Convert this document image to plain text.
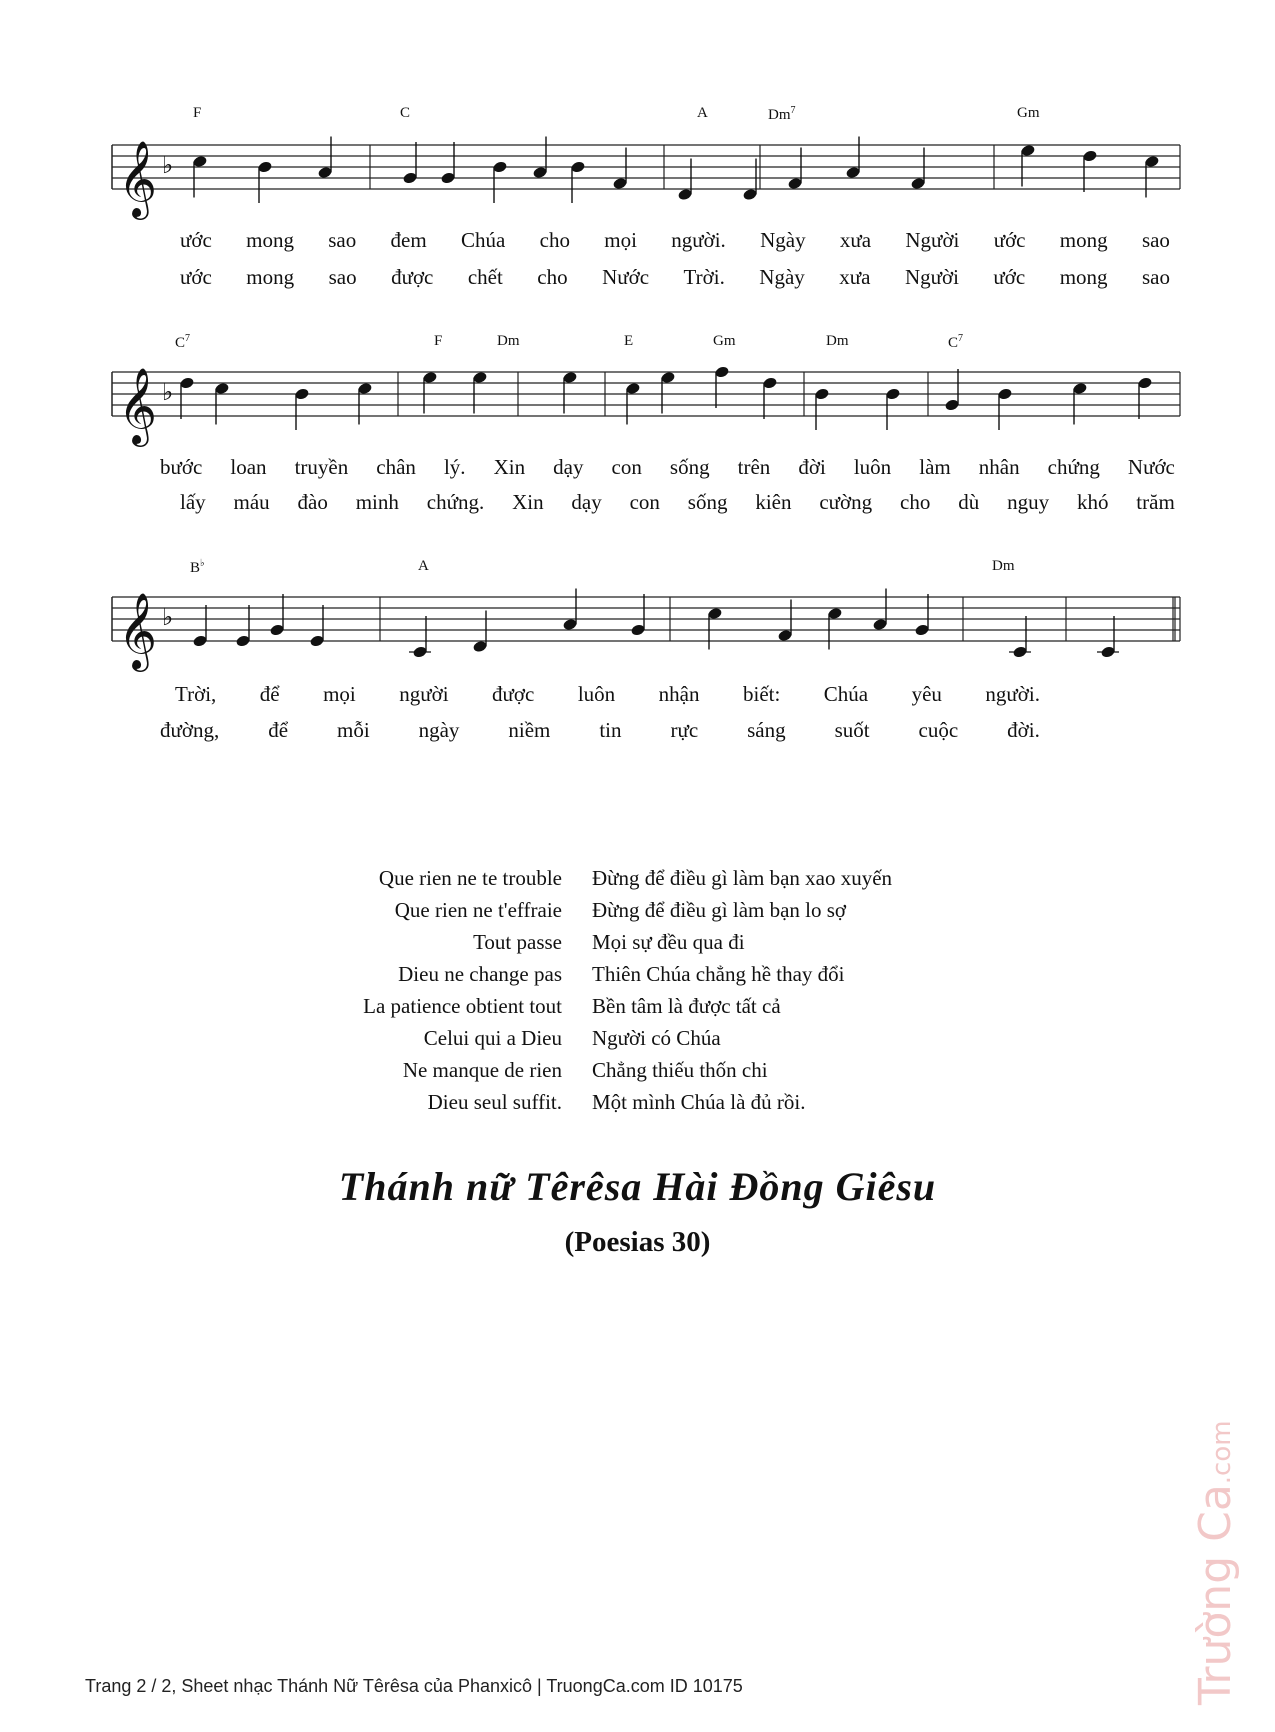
𝄞 ♭
𝄞 ♭
𝄞 ♭
F	C	A	Dm$^7$	Gm
ước mong sao đem Chúa cho mọi người. Ngày xưa Người ước mong sao
ước mong sao được chết cho Nước Trời. Ngày xưa Người ước mong sao
$C^7$	F	Dm	E	Gm	Dm	$C^7$
bước loan truyền chân lý. Xin dạy con sống trên đời luôn làm nhân chứng Nước
lấy máu đào minh chứng. Xin dạy con sống kiên cường cho dù nguy khó trăm
B♭	A	Dm
Trời, để mọi người được luôn nhận biết: Chúa yêu người.
đường, để mỗi ngày niềm tin rực sáng suốt cuộc đời.
Que rien ne te trouble	Đừng để điều gì làm bạn xao xuyến
Que rien ne t'effraie	Đừng để điều gì làm bạn lo sợ
Tout passe	Mọi sự đều qua đi
Dieu ne change pas	Thiên Chúa chẳng hề thay đổi
La patience obtient tout	Bền tâm là được tất cả
Celui qui a Dieu	Người có Chúa
Ne manque de rien	Chẳng thiếu thốn chi
Dieu seul suffit.	Một mình Chúa là đủ rồi.
Thánh nữ Têrêsa Hài Đồng Giêsu
(Poesias 30)
Trang 2 / 2, Sheet nhạc Thánh Nữ Têrêsa của Phanxicô | TruongCa.com ID 10175	Trường Ca.com
